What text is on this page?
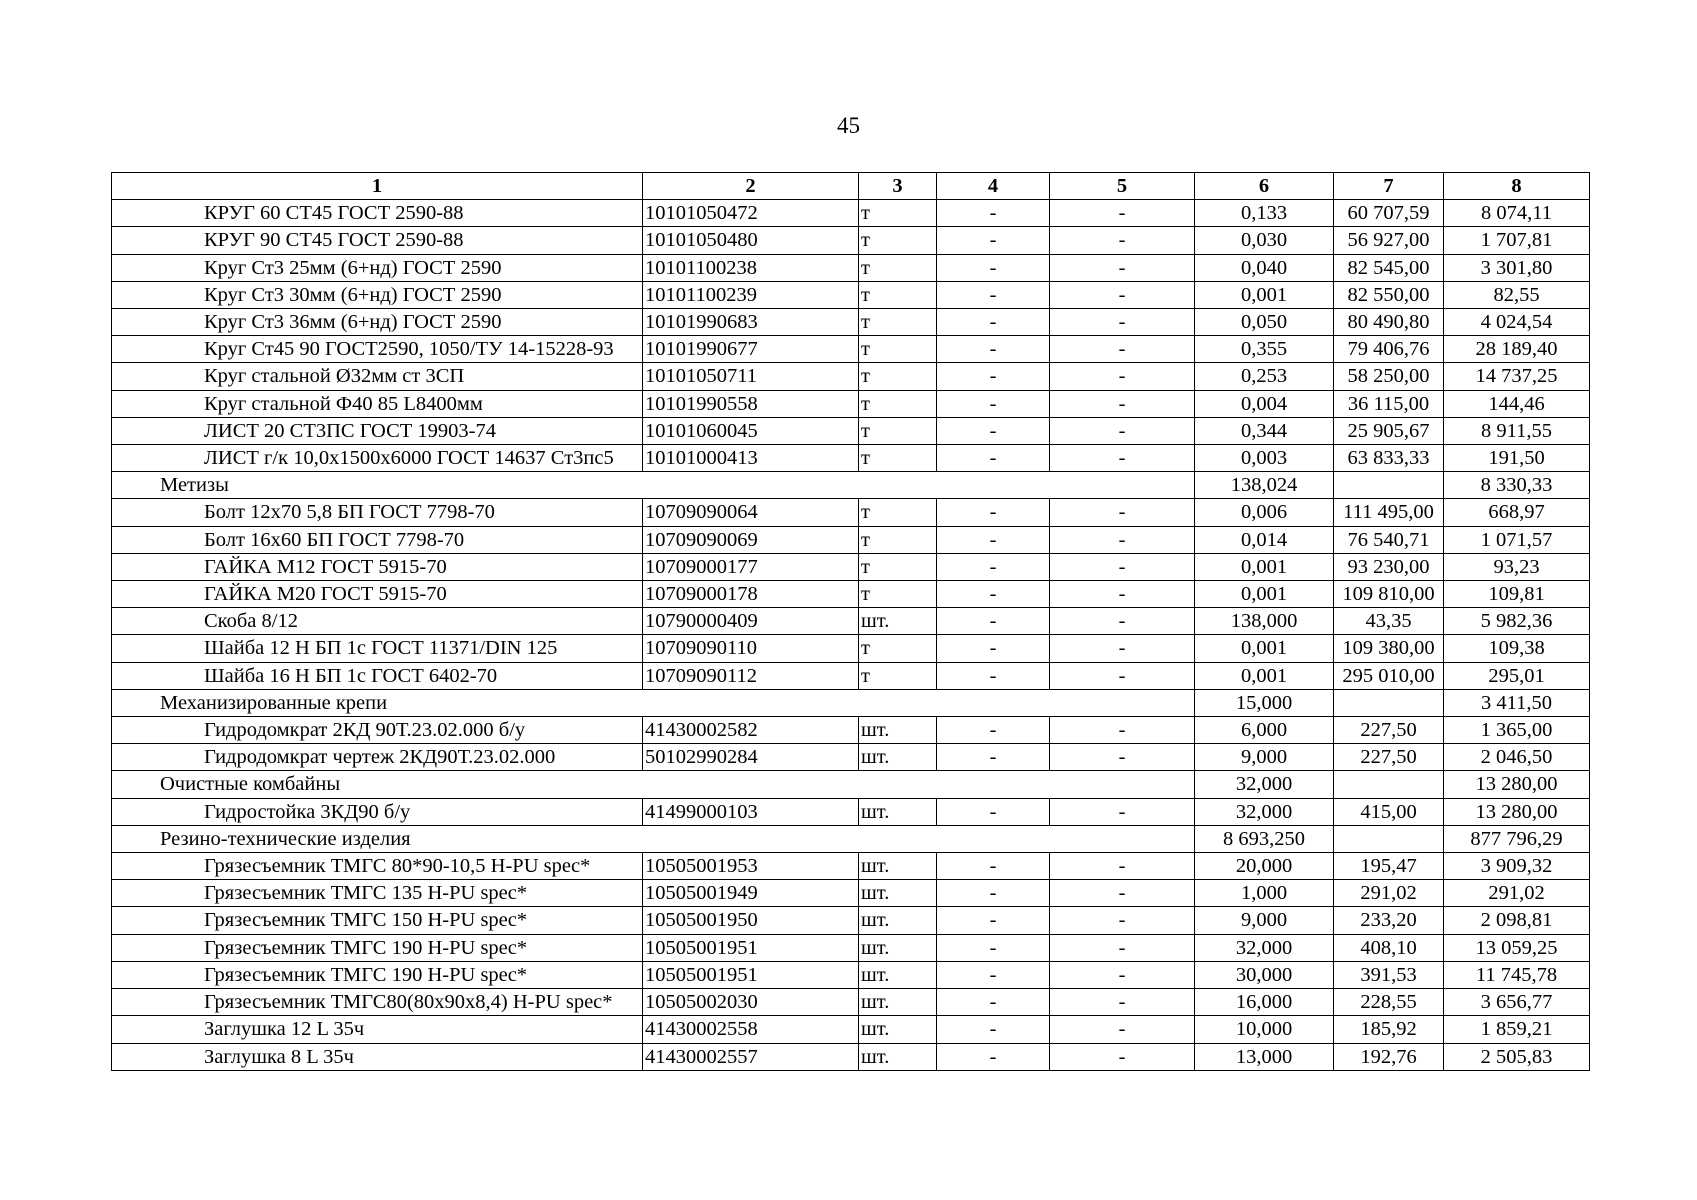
45
1	2	3	4	5	6	7	8
КРУГ 60 СТ45 ГОСТ 2590-88	10101050472	т	-	-	0,133	60 707,59	8 074,11
КРУГ 90 СТ45 ГОСТ 2590-88	10101050480	т	-	-	0,030	56 927,00	1 707,81
Круг Ст3 25мм (6+нд) ГОСТ 2590	10101100238	т	-	-	0,040	82 545,00	3 301,80
Круг Ст3 30мм (6+нд) ГОСТ 2590	10101100239	т	-	-	0,001	82 550,00	82,55
Круг Ст3 36мм (6+нд) ГОСТ 2590	10101990683	т	-	-	0,050	80 490,80	4 024,54
Круг Ст45 90 ГОСТ2590, 1050/ТУ 14-15228-93	10101990677	т	-	-	0,355	79 406,76	28 189,40
Круг стальной Ø32мм ст 3СП	10101050711	т	-	-	0,253	58 250,00	14 737,25
Круг стальной Ф40 85 L8400мм	10101990558	т	-	-	0,004	36 115,00	144,46
ЛИСТ 20 СТ3ПС ГОСТ 19903-74	10101060045	т	-	-	0,344	25 905,67	8 911,55
ЛИСТ г/к 10,0х1500х6000 ГОСТ 14637 Ст3пс5	10101000413	т	-	-	0,003	63 833,33	191,50
Метизы					138,024		8 330,33
Болт 12х70 5,8 БП ГОСТ 7798-70	10709090064	т	-	-	0,006	111 495,00	668,97
Болт 16х60 БП ГОСТ 7798-70	10709090069	т	-	-	0,014	76 540,71	1 071,57
ГАЙКА М12 ГОСТ 5915-70	10709000177	т	-	-	0,001	93 230,00	93,23
ГАЙКА М20 ГОСТ 5915-70	10709000178	т	-	-	0,001	109 810,00	109,81
Скоба 8/12	10790000409	шт.	-	-	138,000	43,35	5 982,36
Шайба 12 Н БП 1с ГОСТ 11371/DIN 125	10709090110	т	-	-	0,001	109 380,00	109,38
Шайба 16 Н БП 1с ГОСТ 6402-70	10709090112	т	-	-	0,001	295 010,00	295,01
Механизированные крепи					15,000		3 411,50
Гидродомкрат 2КД 90Т.23.02.000 б/у	41430002582	шт.	-	-	6,000	227,50	1 365,00
Гидродомкрат чертеж 2КД90Т.23.02.000	50102990284	шт.	-	-	9,000	227,50	2 046,50
Очистные комбайны					32,000		13 280,00
Гидростойка 3КД90 б/у	41499000103	шт.	-	-	32,000	415,00	13 280,00
Резино-технические изделия					8 693,250		877 796,29
Грязесъемник ТМГС 80*90-10,5 H-PU spec*	10505001953	шт.	-	-	20,000	195,47	3 909,32
Грязесъемник ТМГС 135 H-PU spec*	10505001949	шт.	-	-	1,000	291,02	291,02
Грязесъемник ТМГС 150 H-PU spec*	10505001950	шт.	-	-	9,000	233,20	2 098,81
Грязесъемник ТМГС 190 H-PU spec*	10505001951	шт.	-	-	32,000	408,10	13 059,25
Грязесъемник ТМГС 190 H-PU spec*	10505001951	шт.	-	-	30,000	391,53	11 745,78
Грязесъемник ТМГС80(80х90х8,4) H-PU spec*	10505002030	шт.	-	-	16,000	228,55	3 656,77
Заглушка 12 L 35ч	41430002558	шт.	-	-	10,000	185,92	1 859,21
Заглушка 8 L 35ч	41430002557	шт.	-	-	13,000	192,76	2 505,83
